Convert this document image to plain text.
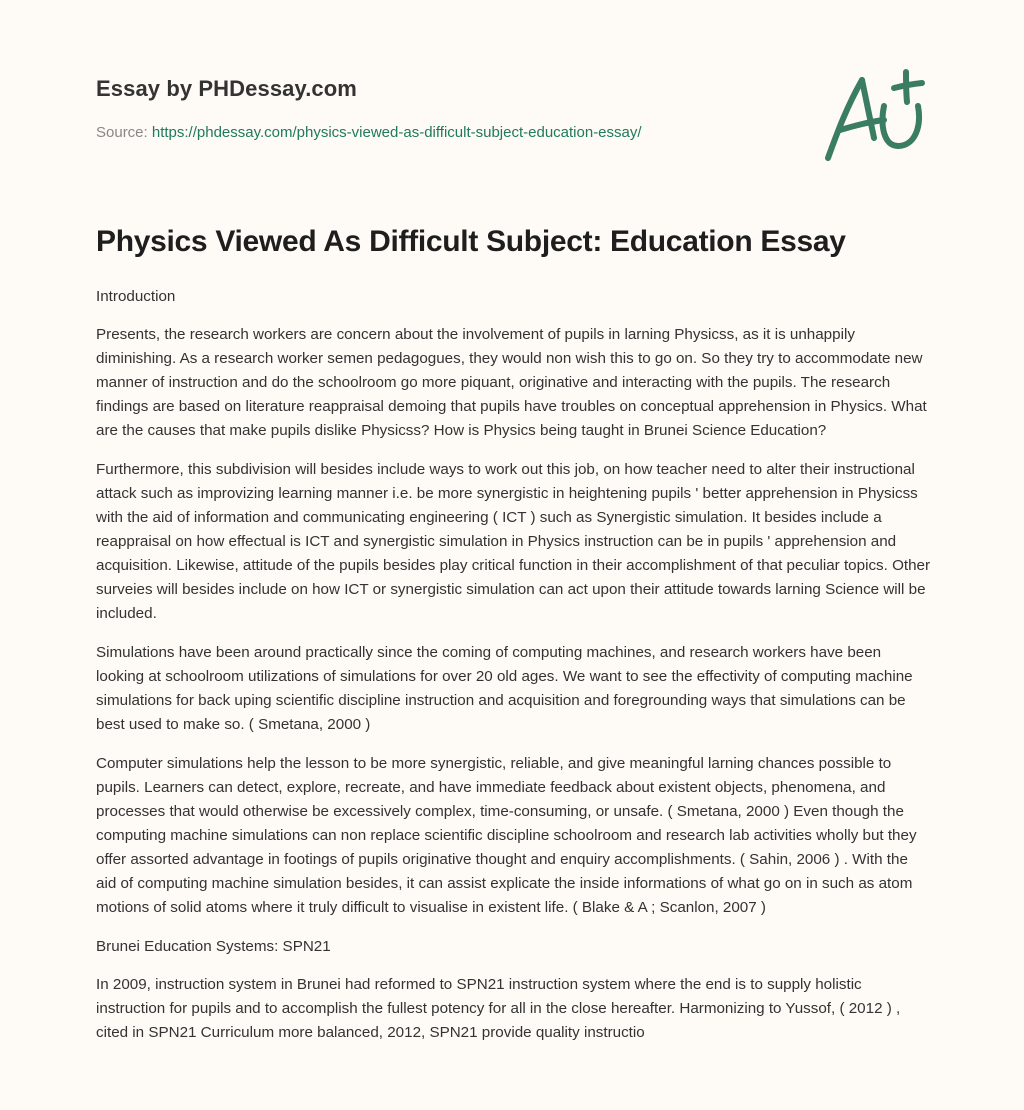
Essay by PHDessay.com
Source: https://phdessay.com/physics-viewed-as-difficult-subject-education-essay/
Physics Viewed As Difficult Subject: Education Essay

Introduction

Presents, the research workers are concern about the involvement of pupils in larning Physicss, as it is unhappily diminishing. As a research worker semen pedagogues, they would non wish this to go on. So they try to accommodate new manner of instruction and do the schoolroom go more piquant, originative and interacting with the pupils. The research findings are based on literature reappraisal demoing that pupils have troubles on conceptual apprehension in Physics. What are the causes that make pupils dislike Physicss? How is Physics being taught in Brunei Science Education?

Furthermore, this subdivision will besides include ways to work out this job, on how teacher need to alter their instructional attack such as improvizing learning manner i.e. be more synergistic in heightening pupils ' better apprehension in Physicss with the aid of information and communicating engineering ( ICT ) such as Synergistic simulation. It besides include a reappraisal on how effectual is ICT and synergistic simulation in Physics instruction can be in pupils ' apprehension and acquisition. Likewise, attitude of the pupils besides play critical function in their accomplishment of that peculiar topics. Other surveies will besides include on how ICT or synergistic simulation can act upon their attitude towards larning Science will be included.

Simulations have been around practically since the coming of computing machines, and research workers have been looking at schoolroom utilizations of simulations for over 20 old ages. We want to see the effectivity of computing machine simulations for back uping scientific discipline instruction and acquisition and foregrounding ways that simulations can be best used to make so. ( Smetana, 2000 )

Computer simulations help the lesson to be more synergistic, reliable, and give meaningful larning chances possible to pupils. Learners can detect, explore, recreate, and have immediate feedback about existent objects, phenomena, and processes that would otherwise be excessively complex, time-consuming, or unsafe. ( Smetana, 2000 ) Even though the computing machine simulations can non replace scientific discipline schoolroom and research lab activities wholly but they offer assorted advantage in footings of pupils originative thought and enquiry accomplishments. ( Sahin, 2006 ) . With the aid of computing machine simulation besides, it can assist explicate the inside informations of what go on in such as atom motions of solid atoms where it truly difficult to visualise in existent life. ( Blake & A ; Scanlon, 2007 )

Brunei Education Systems: SPN21

In 2009, instruction system in Brunei had reformed to SPN21 instruction system where the end is to supply holistic instruction for pupils and to accomplish the fullest potency for all in the close hereafter. Harmonizing to Yussof, ( 2012 ) , cited in SPN21 Curriculum more balanced, 2012, SPN21 provide quality instructio
